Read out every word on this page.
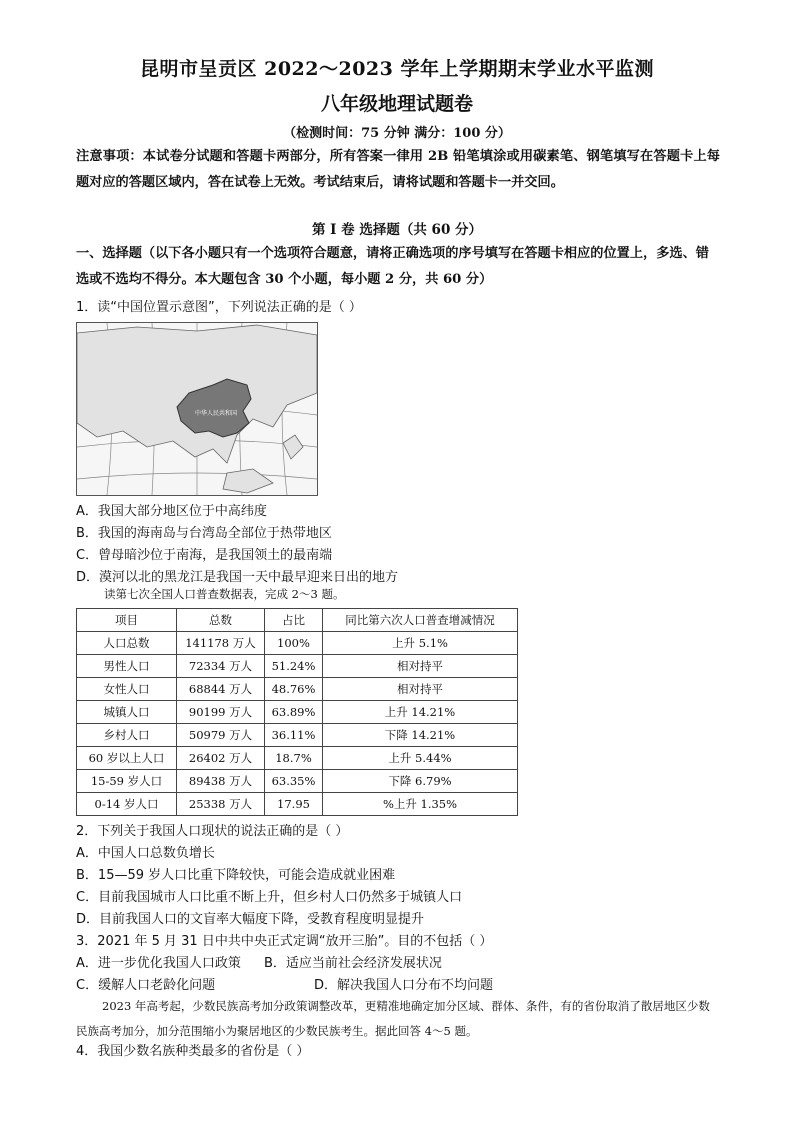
昆明市呈贡区 2022～2023 学年上学期期末学业水平监测
八年级地理试题卷
（检测时间：75 分钟 满分：100 分）
注意事项：本试卷分试题和答题卡两部分，所有答案一律用 2B 铅笔填涂或用碳素笔、钢笔填写在答题卡上每题对应的答题区域内，答在试卷上无效。考试结束后，请将试题和答题卡一并交回。
第 Ⅰ 卷 选择题（共 60 分）
一、选择题（以下各小题只有一个选项符合题意，请将正确选项的序号填写在答题卡相应的位置上，多选、错选或不选均不得分。本大题包含 30 个小题，每小题 2 分，共 60 分）
1．读“中国位置示意图”，下列说法正确的是（ ）
中华人民共和国
A．我国大部分地区位于中高纬度
B．我国的海南岛与台湾岛全部位于热带地区
C．曾母暗沙位于南海，是我国领土的最南端
D．漠河以北的黑龙江是我国一天中最早迎来日出的地方
读第七次全国人口普查数据表，完成 2～3 题。
项目	总数	占比	同比第六次人口普查增减情况
人口总数	141178 万人	100%	上升 5.1%
男性人口	72334 万人	51.24%	相对持平
女性人口	68844 万人	48.76%	相对持平
城镇人口	90199 万人	63.89%	上升 14.21%
乡村人口	50979 万人	36.11%	下降 14.21%
60 岁以上人口	26402 万人	18.7%	上升 5.44%
15-59 岁人口	89438 万人	63.35%	下降 6.79%
0-14 岁人口	25338 万人	17.95	%上升 1.35%
2．下列关于我国人口现状的说法正确的是（ ）
A．中国人口总数负增长
B．15—59 岁人口比重下降较快，可能会造成就业困难
C．目前我国城市人口比重不断上升，但乡村人口仍然多于城镇人口
D．目前我国人口的文盲率大幅度下降，受教育程度明显提升
3．2021 年 5 月 31 日中共中央正式定调“放开三胎”。目的不包括（ ）
A．进一步优化我国人口政策 B．适应当前社会经济发展状况
C．缓解人口老龄化问题	D．解决我国人口分布不均问题
2023 年高考起，少数民族高考加分政策调整改革，更精准地确定加分区域、群体、条件，有的省份取消了散居地区少数民族高考加分，加分范围缩小为聚居地区的少数民族考生。据此回答 4～5 题。
4．我国少数名族种类最多的省份是（ ）
